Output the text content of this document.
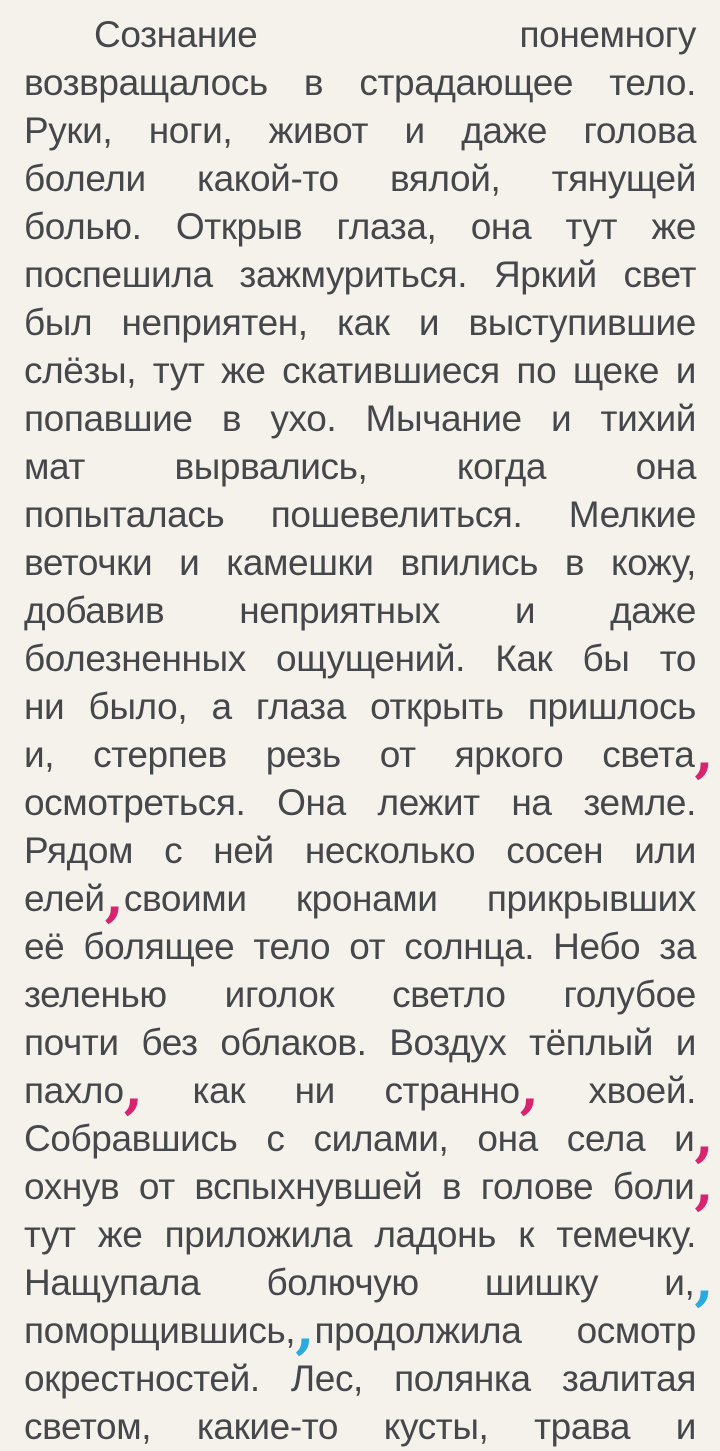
Сознание понемногу
возвращалось в страдающее тело.
Руки, ноги, живот и даже голова
болели какой-то вялой, тянущей
болью. Открыв глаза, она тут же
поспешила зажмуриться. Яркий свет
был неприятен, как и выступившие
слёзы, тут же скатившиеся по щеке и
попавшие в ухо. Мычание и тихий
мат вырвались, когда она
попыталась пошевелиться. Мелкие
веточки и камешки впились в кожу,
добавив неприятных и даже
болезненных ощущений. Как бы то
ни было, а глаза открыть пришлось
и, стерпев резь от яркого света,
осмотреться. Она лежит на земле.
Рядом с ней несколько сосен или
елей,своими кронами прикрывших
её болящее тело от солнца. Небо за
зеленью иголок светло голубое
почти без облаков. Воздух тёплый и
пахло, как ни странно, хвоей.
Собравшись с силами, она села и,
охнув от вспыхнувшей в голове боли,
тут же приложила ладонь к темечку.
Нащупала болючую шишку и,,
поморщившись,,продолжила осмотр
окрестностей. Лес, полянка залитая
светом, какие-то кусты, трава и
